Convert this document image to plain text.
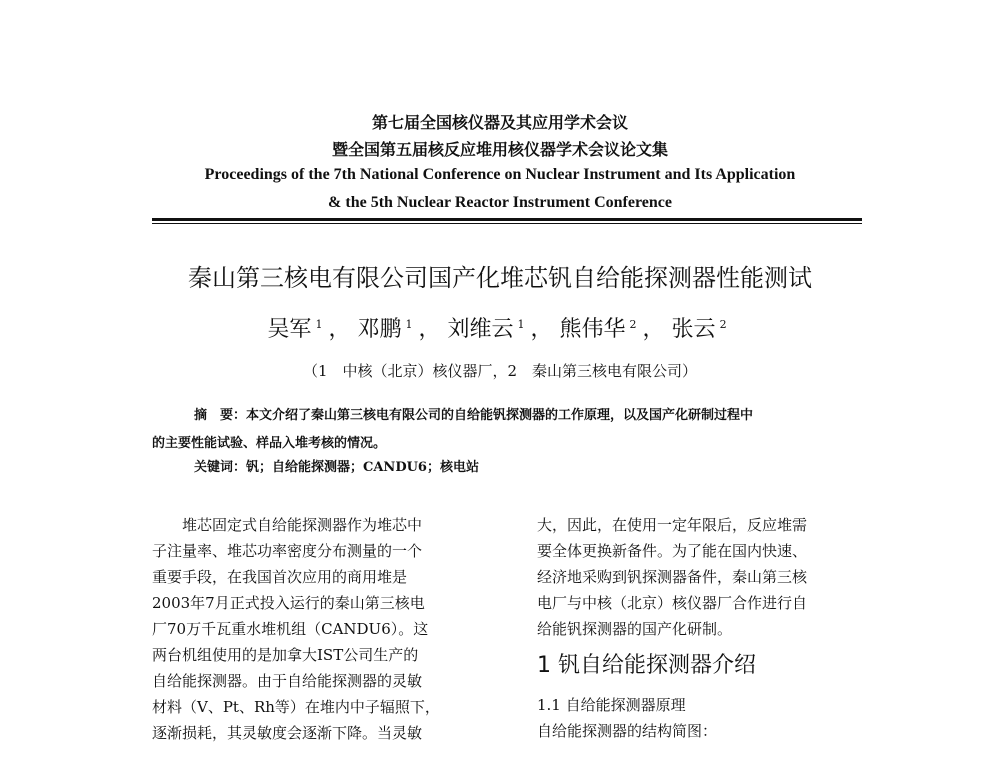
第七届全国核仪器及其应用学术会议
暨全国第五届核反应堆用核仪器学术会议论文集
Proceedings of the 7th National Conference on Nuclear Instrument and Its Application
& the 5th Nuclear Reactor Instrument Conference
秦山第三核电有限公司国产化堆芯钒自给能探测器性能测试
吴军 $^1$ ， 邓鹏 $^1$ ， 刘维云 $^1$ ， 熊伟华 $^2$ ， 张云 $^2$
（1　中核（北京）核仪器厂，2　秦山第三核电有限公司）
摘　要：本文介绍了秦山第三核电有限公司的自给能钒探测器的工作原理，以及国产化研制过程中
的主要性能试验、样品入堆考核的情况。
关键词：钒；自给能探测器；CANDU6；核电站
　　堆芯固定式自给能探测器作为堆芯中
子注量率、堆芯功率密度分布测量的一个
重要手段，在我国首次应用的商用堆是
2003年7月正式投入运行的秦山第三核电
厂70万千瓦重水堆机组（CANDU6）。这
两台机组使用的是加拿大IST公司生产的
自给能探测器。由于自给能探测器的灵敏
材料（V、Pt、Rh等）在堆内中子辐照下，
逐渐损耗，其灵敏度会逐渐下降。当灵敏
大，因此，在使用一定年限后，反应堆需
要全体更换新备件。为了能在国内快速、
经济地采购到钒探测器备件，秦山第三核
电厂与中核（北京）核仪器厂合作进行自
给能钒探测器的国产化研制。
1 钒自给能探测器介绍
1.1 自给能探测器原理
自给能探测器的结构简图：
